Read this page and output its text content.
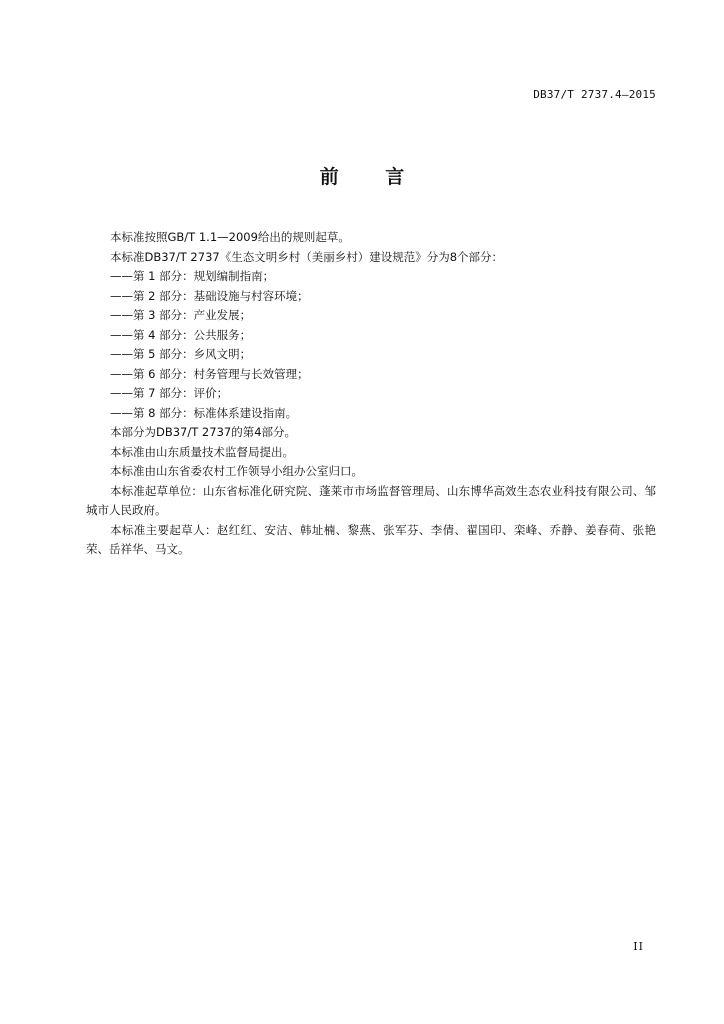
DB37/T 2737.4—2015
前 言

本标准按照GB/T 1.1—2009给出的规则起草。

本标准DB37/T 2737《生态文明乡村（美丽乡村）建设规范》分为8个部分：

——第 1 部分：规划编制指南；

——第 2 部分：基础设施与村容环境；

——第 3 部分：产业发展；

——第 4 部分：公共服务；

——第 5 部分：乡风文明；

——第 6 部分：村务管理与长效管理；

——第 7 部分：评价；

——第 8 部分：标准体系建设指南。

本部分为DB37/T 2737的第4部分。

本标准由山东质量技术监督局提出。

本标准由山东省委农村工作领导小组办公室归口。

本标准起草单位：山东省标准化研究院、蓬莱市市场监督管理局、山东博华高效生态农业科技有限公司、邹城市人民政府。

本标准主要起草人：赵红红、安洁、韩址楠、黎燕、张军芬、李倩、翟国印、栾峰、乔静、姜春荷、张艳荣、岳祥华、马文。

II
